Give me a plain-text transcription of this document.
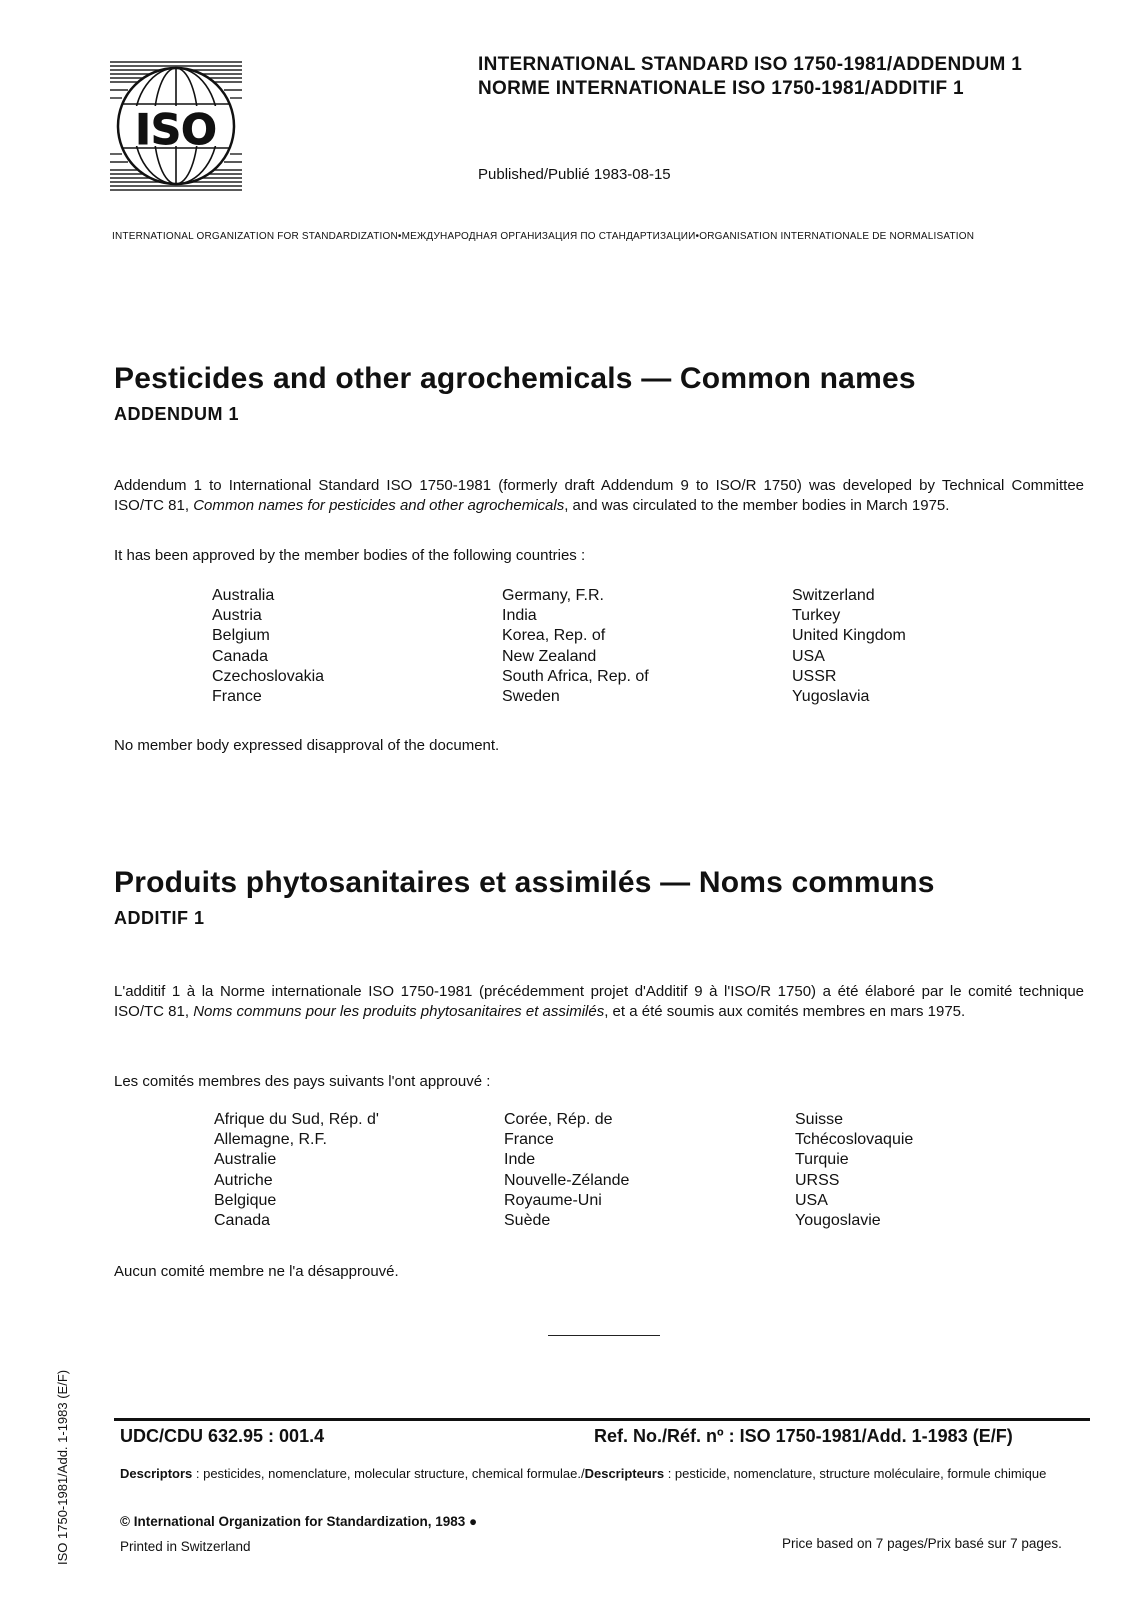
ISO
INTERNATIONAL STANDARD ISO 1750-1981/ADDENDUM 1
NORME INTERNATIONALE ISO 1750-1981/ADDITIF 1
Published/Publié 1983-08-15
INTERNATIONAL ORGANIZATION FOR STANDARDIZATION•МЕЖДУНАРОДНАЯ ОРГАНИЗАЦИЯ ПО СТАНДАРТИЗАЦИИ•ORGANISATION INTERNATIONALE DE NORMALISATION
Pesticides and other agrochemicals — Common names
ADDENDUM 1
Addendum 1 to International Standard ISO 1750-1981 (formerly draft Addendum 9 to ISO/R 1750) was developed by Technical Committee ISO/TC 81, Common names for pesticides and other agrochemicals, and was circulated to the member bodies in March 1975.
It has been approved by the member bodies of the following countries :
Australia
Austria
Belgium
Canada
Czechoslovakia
France
Germany, F.R.
India
Korea, Rep. of
New Zealand
South Africa, Rep. of
Sweden
Switzerland
Turkey
United Kingdom
USA
USSR
Yugoslavia
No member body expressed disapproval of the document.
Produits phytosanitaires et assimilés — Noms communs
ADDITIF 1
L'additif 1 à la Norme internationale ISO 1750-1981 (précédemment projet d'Additif 9 à l'ISO/R 1750) a été élaboré par le comité technique ISO/TC 81, Noms communs pour les produits phytosanitaires et assimilés, et a été soumis aux comités membres en mars 1975.
Les comités membres des pays suivants l'ont approuvé :
Afrique du Sud, Rép. d'
Allemagne, R.F.
Australie
Autriche
Belgique
Canada
Corée, Rép. de
France
Inde
Nouvelle-Zélande
Royaume-Uni
Suède
Suisse
Tchécoslovaquie
Turquie
URSS
USA
Yougoslavie
Aucun comité membre ne l'a désapprouvé.
UDC/CDU 632.95 : 001.4	Ref. No./Réf. nº : ISO 1750-1981/Add. 1-1983 (E/F)
Descriptors : pesticides, nomenclature, molecular structure, chemical formulae./Descripteurs : pesticide, nomenclature, structure moléculaire, formule chimique
© International Organization for Standardization, 1983 ●
Printed in Switzerland	Price based on 7 pages/Prix basé sur 7 pages.
ISO 1750-1981/Add. 1-1983 (E/F)
